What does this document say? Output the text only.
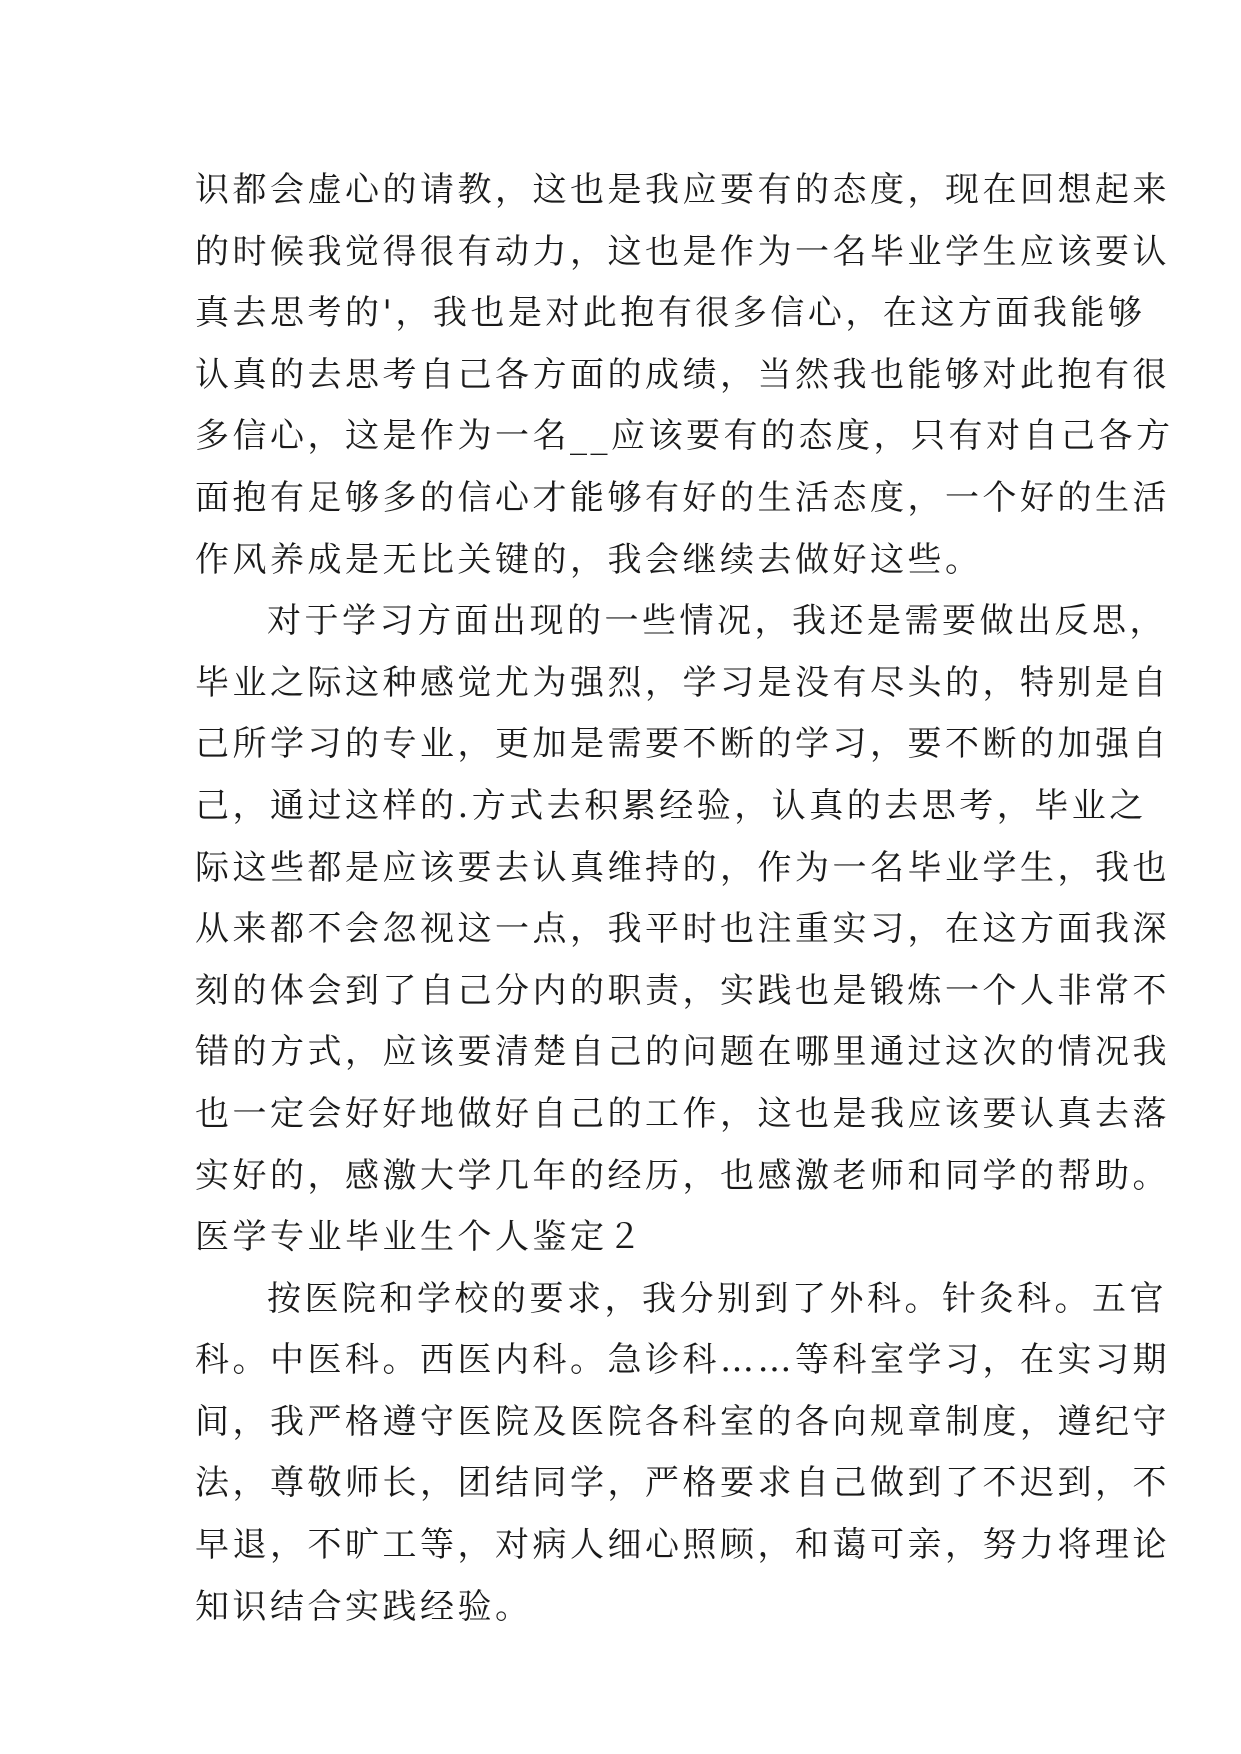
识都会虚心的请教，这也是我应要有的态度，现在回想起来
的时候我觉得很有动力，这也是作为一名毕业学生应该要认
真去思考的'，我也是对此抱有很多信心，在这方面我能够
认真的去思考自己各方面的成绩，当然我也能够对此抱有很
多信心，这是作为一名__应该要有的态度，只有对自己各方
面抱有足够多的信心才能够有好的生活态度，一个好的生活
作风养成是无比关键的，我会继续去做好这些。
对于学习方面出现的一些情况，我还是需要做出反思，
毕业之际这种感觉尤为强烈，学习是没有尽头的，特别是自
己所学习的专业，更加是需要不断的学习，要不断的加强自
己，通过这样的.方式去积累经验，认真的去思考，毕业之
际这些都是应该要去认真维持的，作为一名毕业学生，我也
从来都不会忽视这一点，我平时也注重实习，在这方面我深
刻的体会到了自己分内的职责，实践也是锻炼一个人非常不
错的方式，应该要清楚自己的问题在哪里通过这次的情况我
也一定会好好地做好自己的工作，这也是我应该要认真去落
实好的，感激大学几年的经历，也感激老师和同学的帮助。
医学专业毕业生个人鉴定２
按医院和学校的要求，我分别到了外科。针灸科。五官
科。中医科。西医内科。急诊科……等科室学习，在实习期
间，我严格遵守医院及医院各科室的各向规章制度，遵纪守
法，尊敬师长，团结同学，严格要求自己做到了不迟到，不
早退，不旷工等，对病人细心照顾，和蔼可亲，努力将理论
知识结合实践经验。
